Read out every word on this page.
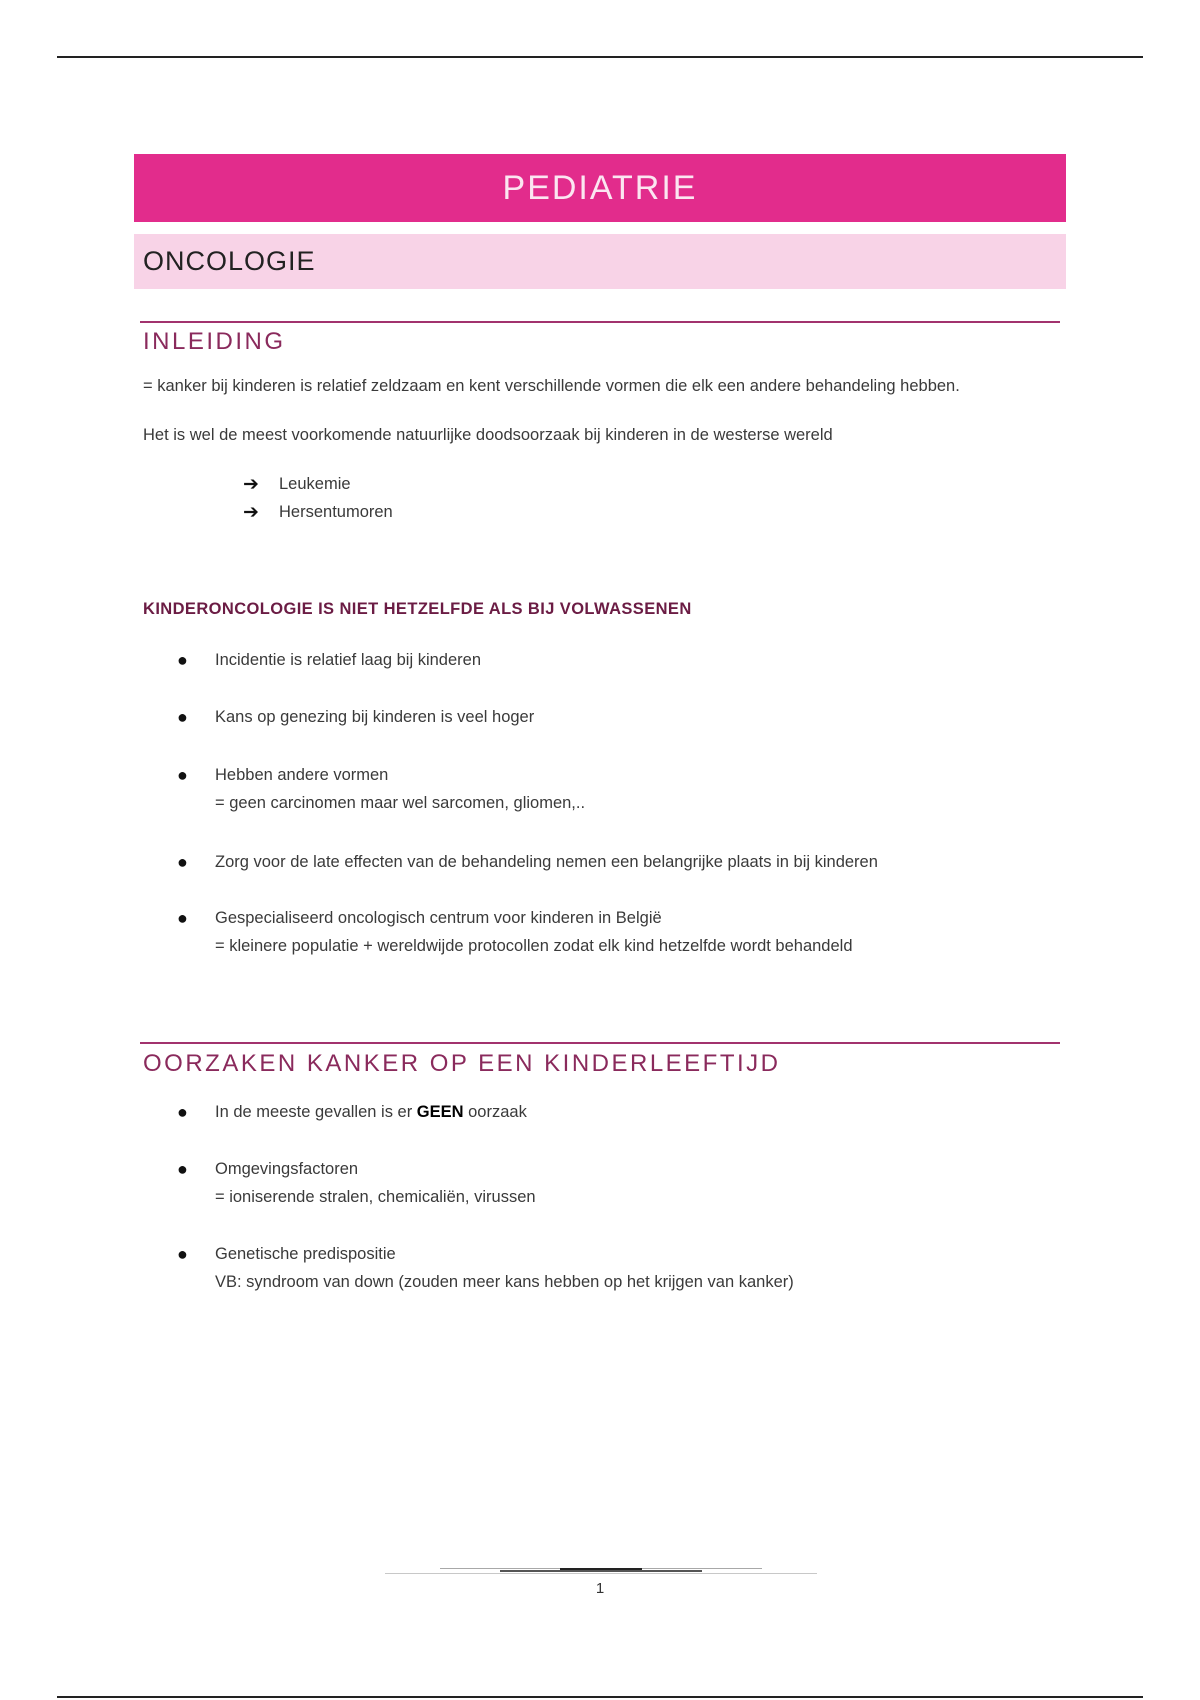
PEDIATRIE
ONCOLOGIE
INLEIDING
= kanker bij kinderen is relatief zeldzaam en kent verschillende vormen die elk een andere behandeling hebben.
Het is wel de meest voorkomende natuurlijke doodsoorzaak bij kinderen in de westerse wereld
➔	Leukemie
➔	Hersentumoren
KINDERONCOLOGIE IS NIET HETZELFDE ALS BIJ VOLWASSENEN
●	Incidentie is relatief laag bij kinderen
●	Kans op genezing bij kinderen is veel hoger
●	Hebben andere vormen
= geen carcinomen maar wel sarcomen, gliomen,..
●	Zorg voor de late effecten van de behandeling nemen een belangrijke plaats in bij kinderen
●	Gespecialiseerd oncologisch centrum voor kinderen in België
= kleinere populatie + wereldwijde protocollen zodat elk kind hetzelfde wordt behandeld
OORZAKEN KANKER OP EEN KINDERLEEFTIJD
●	In de meeste gevallen is er GEEN oorzaak
●	Omgevingsfactoren
= ioniserende stralen, chemicaliën, virussen
●	Genetische predispositie
VB: syndroom van down (zouden meer kans hebben op het krijgen van kanker)
1
